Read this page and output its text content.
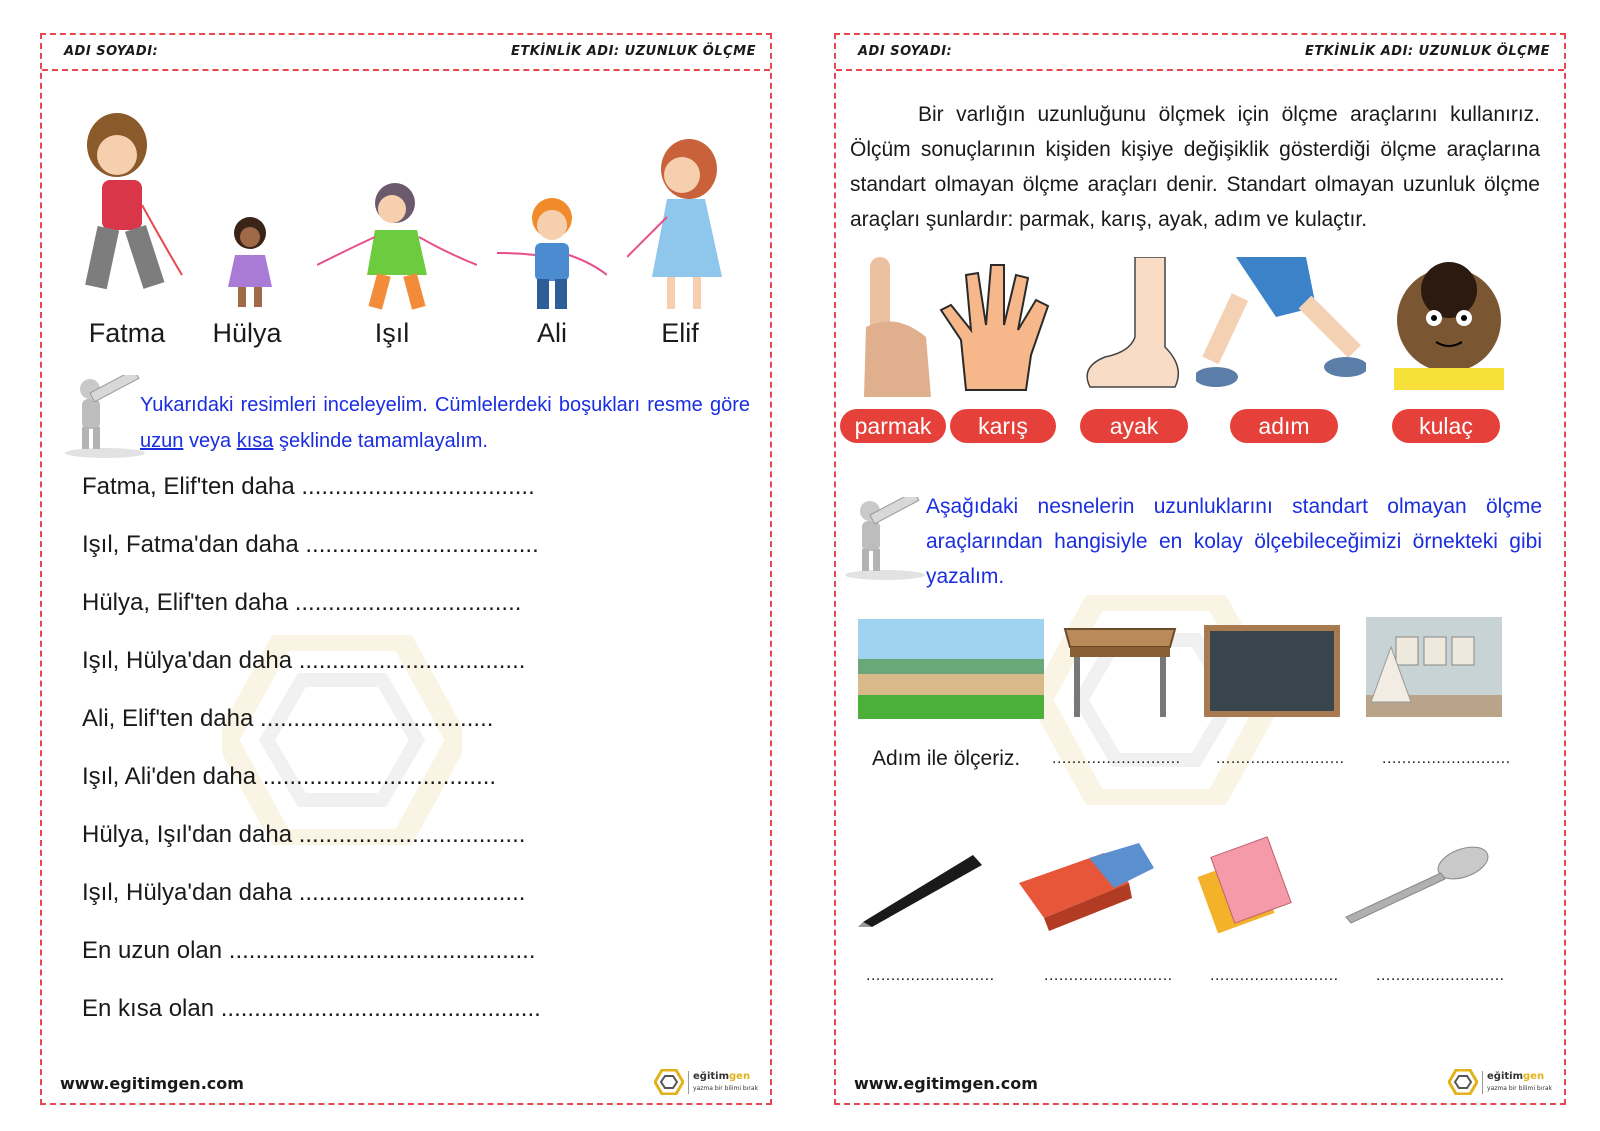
ADI SOYADI:	ETKİNLİK ADI: UZUNLUK ÖLÇME
Fatma	Hülya	Işıl	Ali	Elif
Yukarıdaki resimleri inceleyelim. Cümlelerdeki boşukları resme göre uzun veya kısa şeklinde tamamlayalım.
Fatma, Elif'ten daha ...................................
Işıl, Fatma'dan daha ...................................
Hülya, Elif'ten daha ..................................
Işıl, Hülya'dan daha ..................................
Ali, Elif'ten daha ...................................
Işıl, Ali'den daha ...................................
Hülya, Işıl'dan daha ..................................
Işıl, Hülya'dan daha ..................................
En uzun olan ..............................................
En kısa olan ................................................
www.egitimgen.com	eğitimgen
yazma bir bilimi bırak
ADI SOYADI:	ETKİNLİK ADI: UZUNLUK ÖLÇME
Bir varlığın uzunluğunu ölçmek için ölçme araçlarını kullanırız. Ölçüm sonuçlarının kişiden kişiye değişiklik gösterdiği ölçme araçlarına standart olmayan ölçme araçları denir. Standart olmayan uzunluk ölçme araçları şunlardır: parmak, karış, ayak, adım ve kulaçtır.
parmak	karış	ayak	adım	kulaç
Aşağıdaki nesnelerin uzunluklarını standart olmayan ölçme araçlarından hangisiyle en kolay ölçebileceğimizi örnekteki gibi yazalım.
Adım ile ölçeriz. .......................... .......................... ..........................
..........................	.......................... .......................... ..........................
www.egitimgen.com	eğitimgen
yazma bir bilimi bırak
